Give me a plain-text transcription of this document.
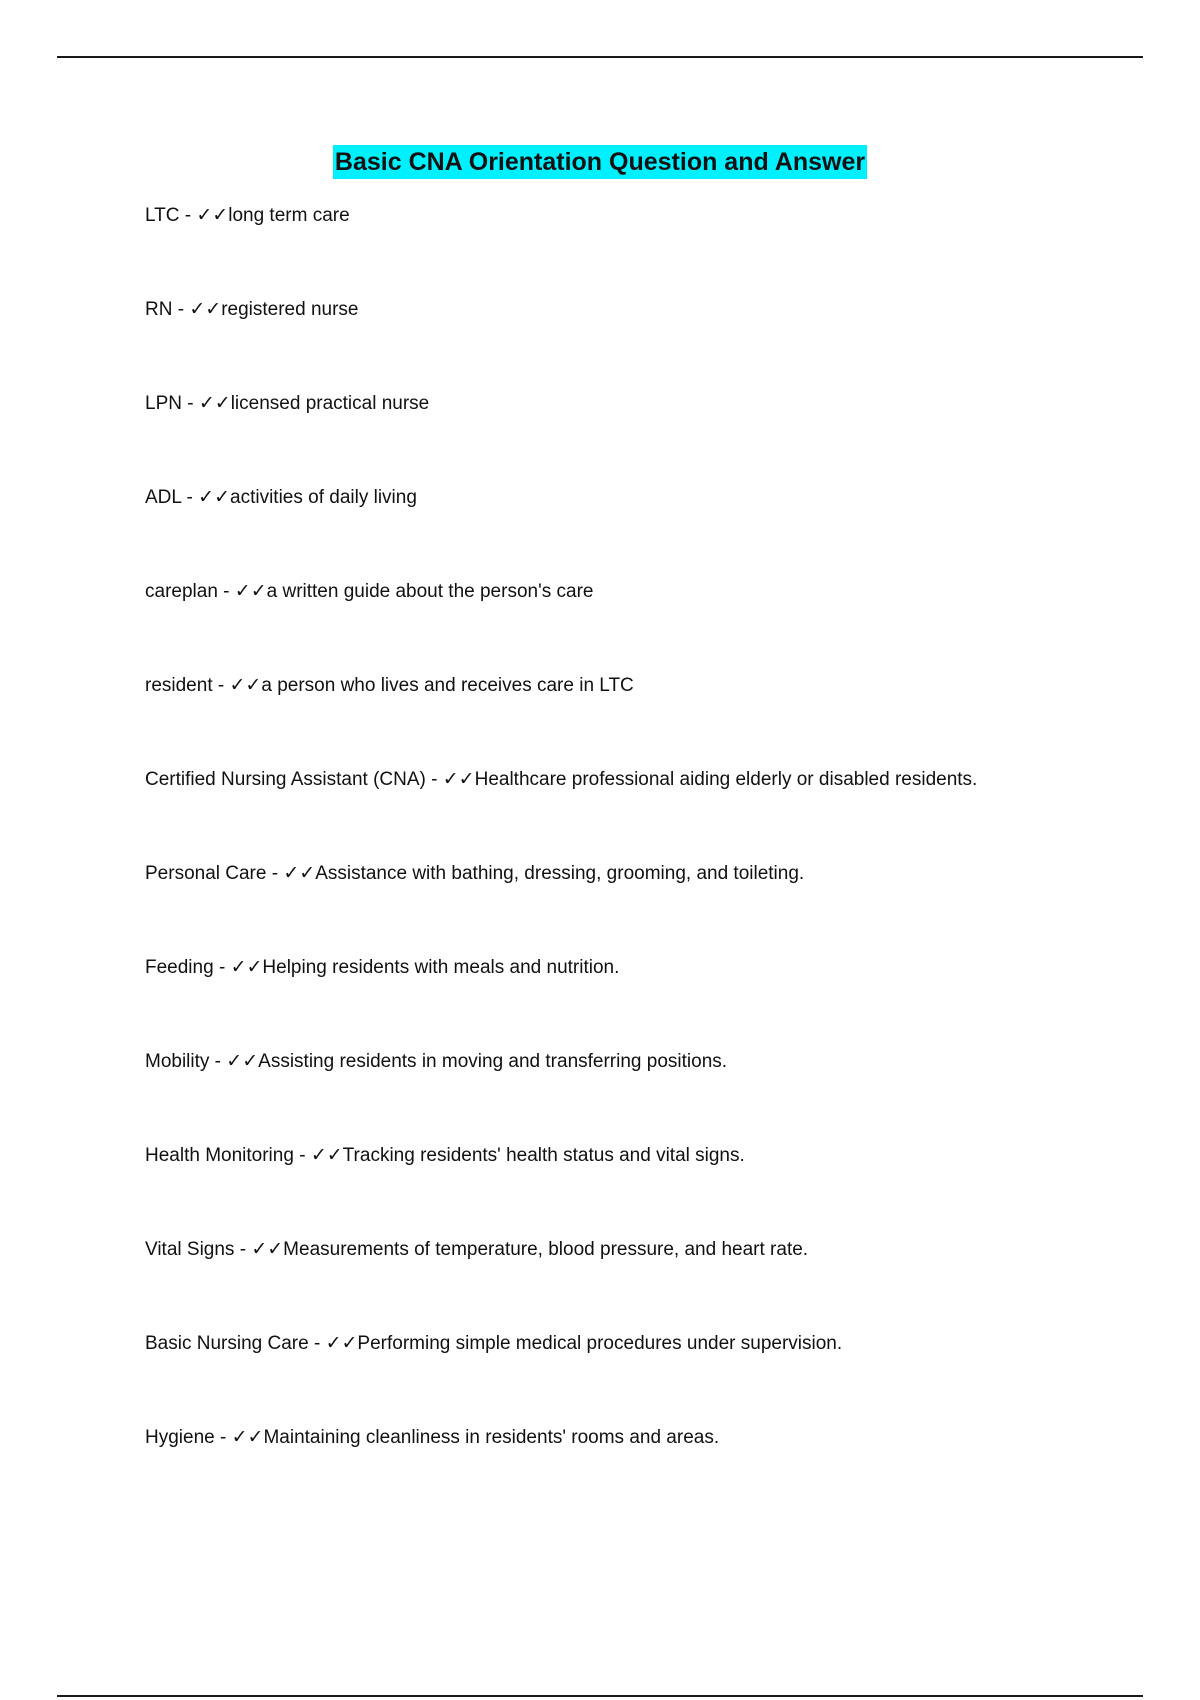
Basic CNA Orientation Question and Answer
LTC - ✓✓long term care
RN - ✓✓registered nurse
LPN - ✓✓licensed practical nurse
ADL - ✓✓activities of daily living
careplan - ✓✓a written guide about the person's care
resident - ✓✓a person who lives and receives care in LTC
Certified Nursing Assistant (CNA) - ✓✓Healthcare professional aiding elderly or disabled residents.
Personal Care - ✓✓Assistance with bathing, dressing, grooming, and toileting.
Feeding - ✓✓Helping residents with meals and nutrition.
Mobility - ✓✓Assisting residents in moving and transferring positions.
Health Monitoring - ✓✓Tracking residents' health status and vital signs.
Vital Signs - ✓✓Measurements of temperature, blood pressure, and heart rate.
Basic Nursing Care - ✓✓Performing simple medical procedures under supervision.
Hygiene - ✓✓Maintaining cleanliness in residents' rooms and areas.
